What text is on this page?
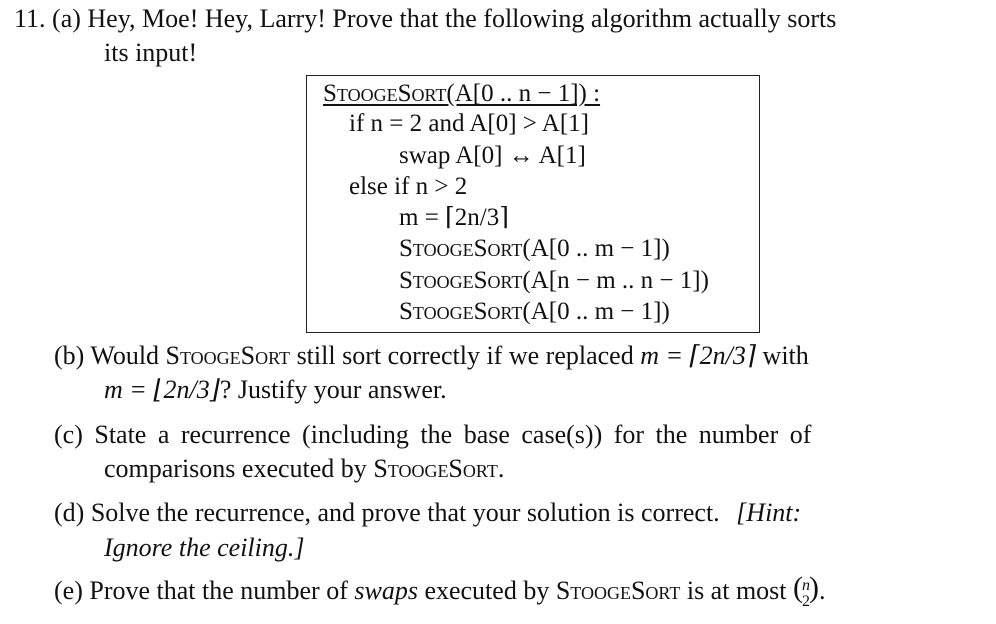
11. (a) Hey, Moe! Hey, Larry! Prove that the following algorithm actually sorts
its input!
StoogeSort(A[0 .. n − 1]) :
if n = 2 and A[0] > A[1]
swap A[0] ↔ A[1]
else if n > 2
m = ⌈2n/3⌉
StoogeSort(A[0 .. m − 1])
StoogeSort(A[n − m .. n − 1])
StoogeSort(A[0 .. m − 1])
(b) Would StoogeSort still sort correctly if we replaced m = ⌈2n/3⌉ with
m = ⌊2n/3⌋? Justify your answer.
(c) State a recurrence (including the base case(s)) for the number of
comparisons executed by StoogeSort.
(d) Solve the recurrence, and prove that your solution is correct. [Hint:
Ignore the ceiling.]
(e) Prove that the number of swaps executed by StoogeSort is at most ( n
2 ) .
